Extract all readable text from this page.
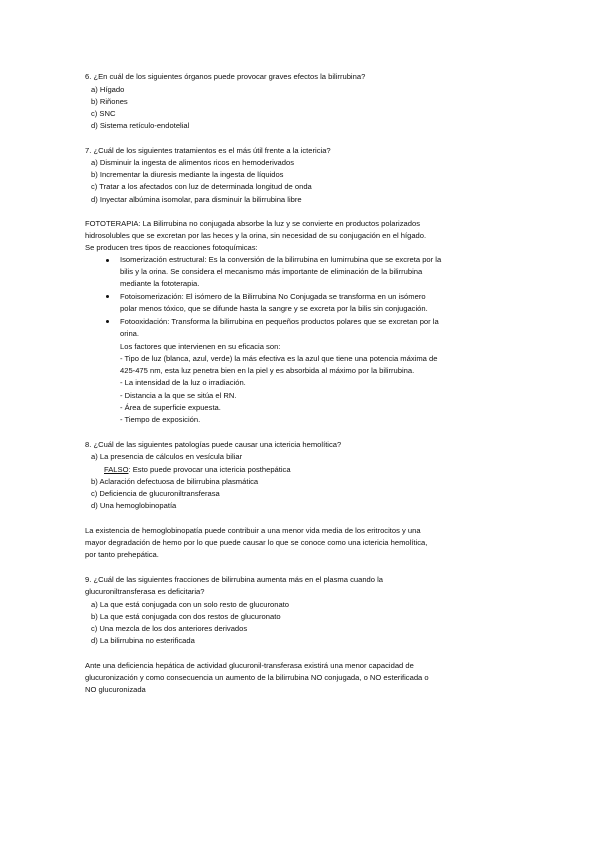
6. ¿En cuál de los siguientes órganos puede provocar graves efectos la bilirrubina?
a) Hígado
b) Riñones
c) SNC
d) Sistema retículo-endotelial
7. ¿Cuál de los siguientes tratamientos es el más útil frente a la ictericia?
a) Disminuir la ingesta de alimentos ricos en hemoderivados
b) Incrementar la diuresis mediante la ingesta de líquidos
c) Tratar a los afectados con luz de determinada longitud de onda
d) Inyectar albúmina isomolar, para disminuir la bilirrubina libre
FOTOTERAPIA: La Bilirrubina no conjugada absorbe la luz y se convierte en productos polarizados
hidrosolubles que se excretan por las heces y la orina, sin necesidad de su conjugación en el hígado.
Se producen tres tipos de reacciones fotoquímicas:
Isomerización estructural: Es la conversión de la bilirrubina en lumirrubina que se excreta por la
bilis y la orina. Se considera el mecanismo más importante de eliminación de la bilirrubina
mediante la fototerapia.
Fotoisomerización: El isómero de la Bilirrubina No Conjugada se transforma en un isómero
polar menos tóxico, que se difunde hasta la sangre y se excreta por la bilis sin conjugación.
Fotooxidación: Transforma la bilirrubina en pequeños productos polares que se excretan por la
orina.
Los factores que intervienen en su eficacia son:
- Tipo de luz (blanca, azul, verde) la más efectiva es la azul que tiene una potencia máxima de
425-475 nm, esta luz penetra bien en la piel y es absorbida al máximo por la bilirrubina.
- La intensidad de la luz o irradiación.
- Distancia a la que se sitúa el RN.
- Área de superficie expuesta.
- Tiempo de exposición.
8. ¿Cuál de las siguientes patologías puede causar una ictericia hemolítica?
a) La presencia de cálculos en vesícula biliar
FALSO: Esto puede provocar una ictericia posthepática
b) Aclaración defectuosa de bilirrubina plasmática
c) Deficiencia de glucuroniltransferasa
d) Una hemoglobinopatía
La existencia de hemoglobinopatía puede contribuir a una menor vida media de los eritrocitos y una
mayor degradación de hemo por lo que puede causar lo que se conoce como una ictericia hemolítica,
por tanto prehepática.
9. ¿Cuál de las siguientes fracciones de bilirrubina aumenta más en el plasma cuando la
glucuroniltransferasa es deficitaria?
a) La que está conjugada con un solo resto de glucuronato
b) La que está conjugada con dos restos de glucuronato
c) Una mezcla de los dos anteriores derivados
d) La bilirrubina no esterificada
Ante una deficiencia hepática de actividad glucuronil-transferasa existirá una menor capacidad de
glucuronización y como consecuencia un aumento de la bilirrubina NO conjugada, o NO esterificada o
NO glucuronizada
